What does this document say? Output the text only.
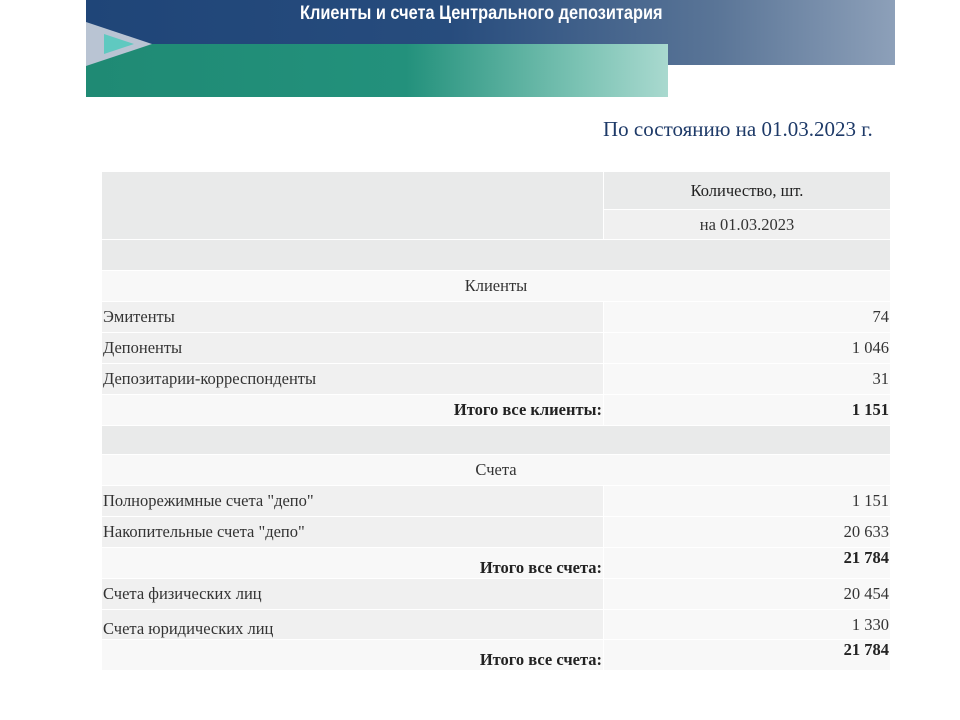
Клиенты и счета Центрального депозитария
По состоянию на 01.03.2023 г.
	Количество, шт.
	на 01.03.2023

Клиенты	
Эмитенты	74
Депоненты	1 046
Депозитарии-корреспонденты	31
Итого все клиенты:	1 151

Счета	
Полнорежимные счета "депо"	1 151
Накопительные счета "депо"	20 633
Итого все счета:	21 784
Счета физических лиц	20 454
Счета юридических лиц	1 330
Итого все счета:	21 784
